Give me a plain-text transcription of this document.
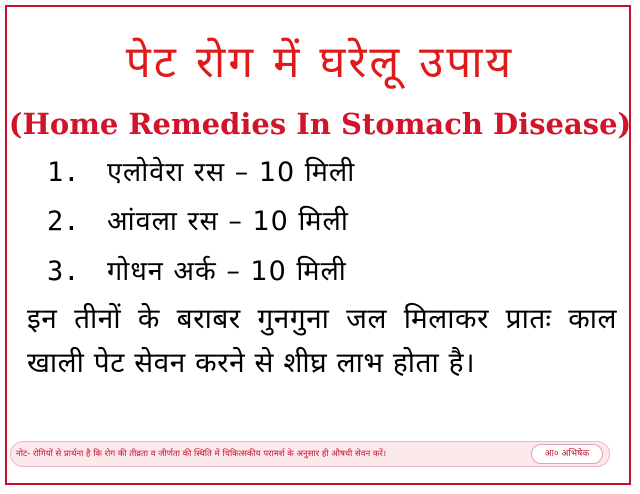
पेट रोग में घरेलू उपाय
(Home Remedies In Stomach Disease)
1. एलोवेरा रस – 10 मिली
2. आंवला रस – 10 मिली
3. गोधन अर्क – 10 मिली
इन तीनों के बराबर गुनगुना जल मिलाकर प्रातः काल खाली पेट सेवन करने से शीघ्र लाभ होता है।
नोट- रोगियों से प्रार्थना है कि रोग की तीव्रता व जीर्णता की स्थिति में चिकित्सकीय परामर्श के अनुसार ही औषधी सेवन करें।	आ० अभिषेक
